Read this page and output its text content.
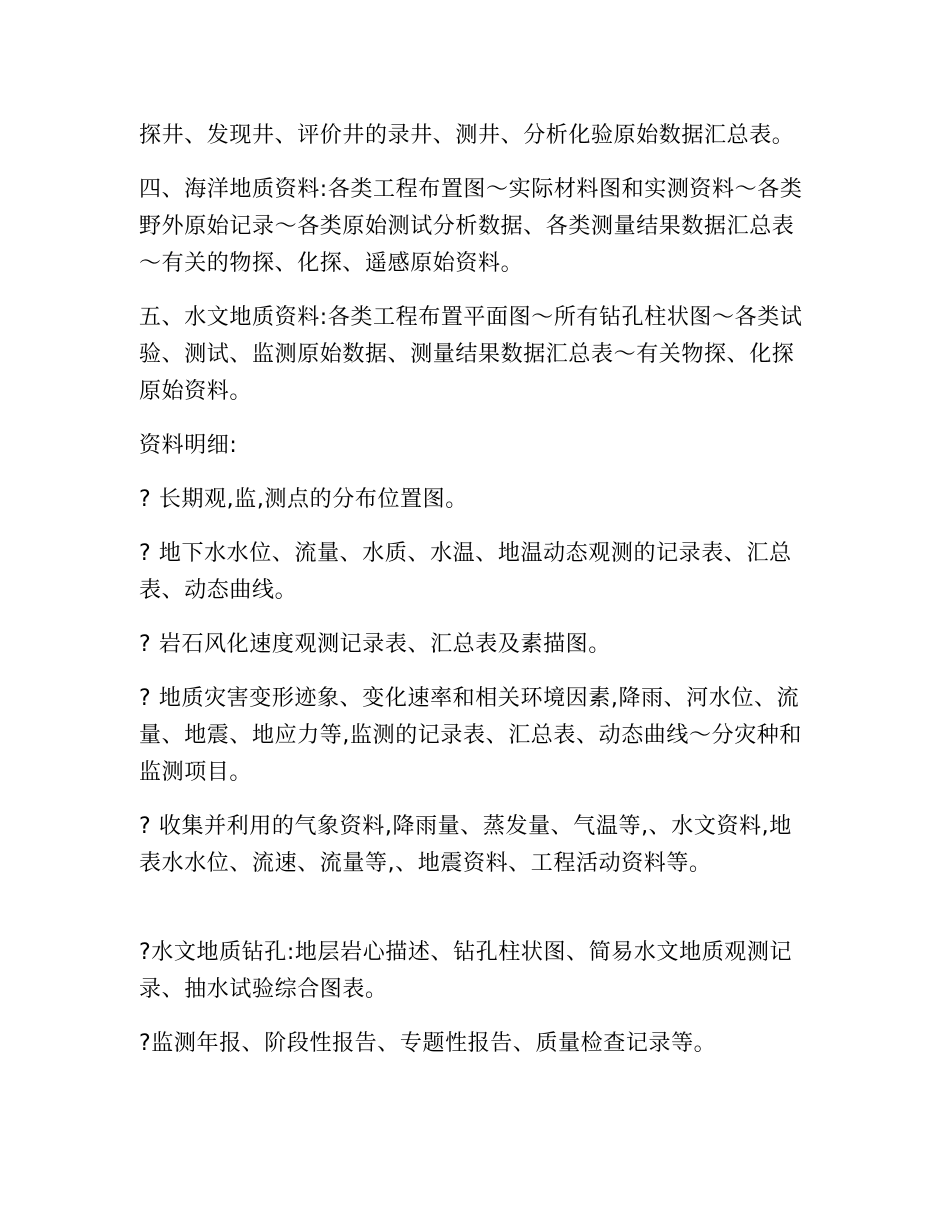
探井、发现井、评价井的录井、测井、分析化验原始数据汇总表。

四、海洋地质资料:各类工程布置图～实际材料图和实测资料～各类野外原始记录～各类原始测试分析数据、各类测量结果数据汇总表～有关的物探、化探、遥感原始资料。

五、水文地质资料:各类工程布置平面图～所有钻孔柱状图～各类试验、测试、监测原始数据、测量结果数据汇总表～有关物探、化探原始资料。

资料明细:

? 长期观,监,测点的分布位置图。

? 地下水水位、流量、水质、水温、地温动态观测的记录表、汇总表、动态曲线。

? 岩石风化速度观测记录表、汇总表及素描图。

? 地质灾害变形迹象、变化速率和相关环境因素,降雨、河水位、流量、地震、地应力等,监测的记录表、汇总表、动态曲线～分灾种和监测项目。

? 收集并利用的气象资料,降雨量、蒸发量、气温等,、水文资料,地表水水位、流速、流量等,、地震资料、工程活动资料等。

?水文地质钻孔:地层岩心描述、钻孔柱状图、简易水文地质观测记录、抽水试验综合图表。

?监测年报、阶段性报告、专题性报告、质量检查记录等。
